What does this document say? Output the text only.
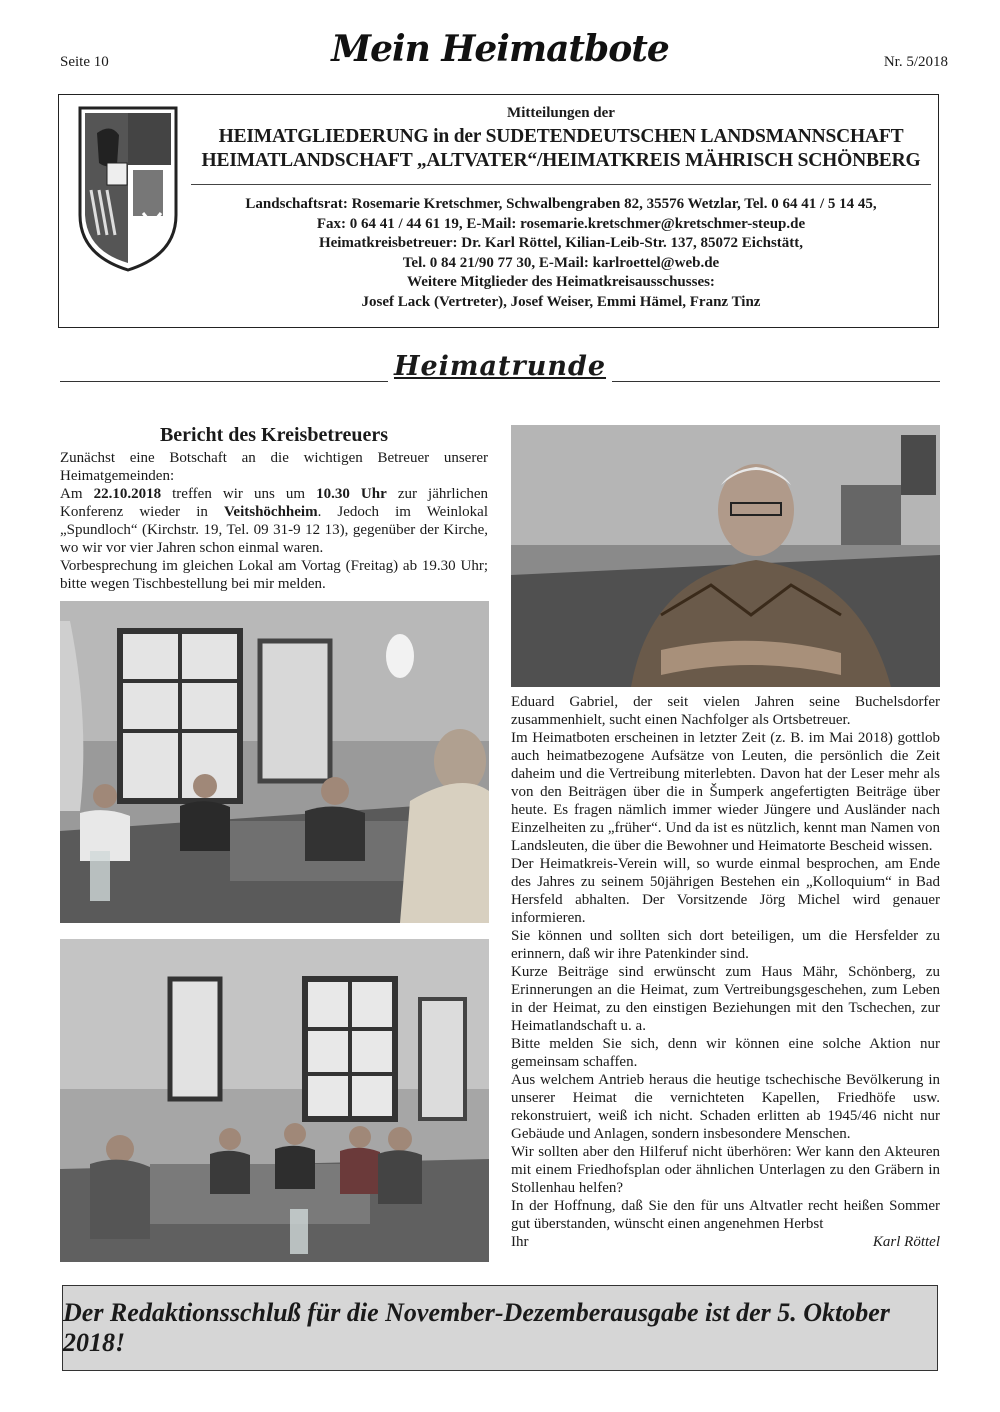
Seite 10	Mein Heimatbote	Nr. 5/2018
Mitteilungen der
HEIMATGLIEDERUNG in der SUDETENDEUTSCHEN LANDSMANNSCHAFT
HEIMATLANDSCHAFT „ALTVATER“/HEIMATKREIS MÄHRISCH SCHÖNBERG
Landschaftsrat: Rosemarie Kretschmer, Schwalbengraben 82, 35576 Wetzlar, Tel. 0 64 41 / 5 14 45,
Fax: 0 64 41 / 44 61 19, E-Mail: rosemarie.kretschmer@kretschmer-steup.de
Heimatkreisbetreuer: Dr. Karl Röttel, Kilian-Leib-Str. 137, 85072 Eichstätt,
Tel. 0 84 21/90 77 30, E-Mail: karlroettel@web.de
Weitere Mitglieder des Heimatkreisausschusses:
Josef Lack (Vertreter), Josef Weiser, Emmi Hämel, Franz Tinz
Heimatrunde
Bericht des Kreisbetreuers

Zunächst eine Botschaft an die wichtigen Betreuer unserer Heimatgemeinden:

Am 22.10.2018 treffen wir uns um 10.30 Uhr zur jährlichen Konferenz wieder in Veitshöchheim. Jedoch im Weinlokal „Spundloch“ (Kirchstr. 19, Tel. 09 31-9 12 13), gegenüber der Kirche, wo wir vor vier Jahren schon einmal waren.

Vorbesprechung im gleichen Lokal am Vortag (Freitag) ab 19.30 Uhr; bitte wegen Tischbestellung bei mir melden.

Eduard Gabriel, der seit vielen Jahren seine Buchelsdorfer zusammenhielt, sucht einen Nachfolger als Ortsbetreuer.

Im Heimatboten erscheinen in letzter Zeit (z. B. im Mai 2018) gottlob auch heimatbezogene Aufsätze von Leuten, die persönlich die Zeit daheim und die Vertreibung miterlebten. Davon hat der Leser mehr als von den Beiträgen über die in Šumperk angefertigten Beiträge über heute. Es fragen nämlich immer wieder Jüngere und Ausländer nach Einzelheiten zu „früher“. Und da ist es nützlich, kennt man Namen von Landsleuten, die über die Bewohner und Heimatorte Bescheid wissen.

Der Heimatkreis-Verein will, so wurde einmal besprochen, am Ende des Jahres zu seinem 50jährigen Bestehen ein „Kolloquium“ in Bad Hersfeld abhalten. Der Vorsitzende Jörg Michel wird genauer informieren.

Sie können und sollten sich dort beteiligen, um die Hersfelder zu erinnern, daß wir ihre Patenkinder sind.

Kurze Beiträge sind erwünscht zum Haus Mähr, Schönberg, zu Erinnerungen an die Heimat, zum Vertreibungsgeschehen, zum Leben in der Heimat, zu den einstigen Beziehungen mit den Tschechen, zur Heimatlandschaft u. a.

Bitte melden Sie sich, denn wir können eine solche Aktion nur gemeinsam schaffen.

Aus welchem Antrieb heraus die heutige tschechische Bevölkerung in unserer Heimat die vernichteten Kapellen, Friedhöfe usw. rekonstruiert, weiß ich nicht. Schaden erlitten ab 1945/46 nicht nur Gebäude und Anlagen, sondern insbesondere Menschen.

Wir sollten aber den Hilferuf nicht überhören: Wer kann den Akteuren mit einem Friedhofsplan oder ähnlichen Unterlagen zu den Gräbern in Stollenhau helfen?

In der Hoffnung, daß Sie den für uns Altvatler recht heißen Sommer gut überstanden, wünscht einen angenehmen Herbst

Ihr	Karl Röttel
Der Redaktionsschluß für die November-Dezemberausgabe ist der 5. Oktober 2018!
